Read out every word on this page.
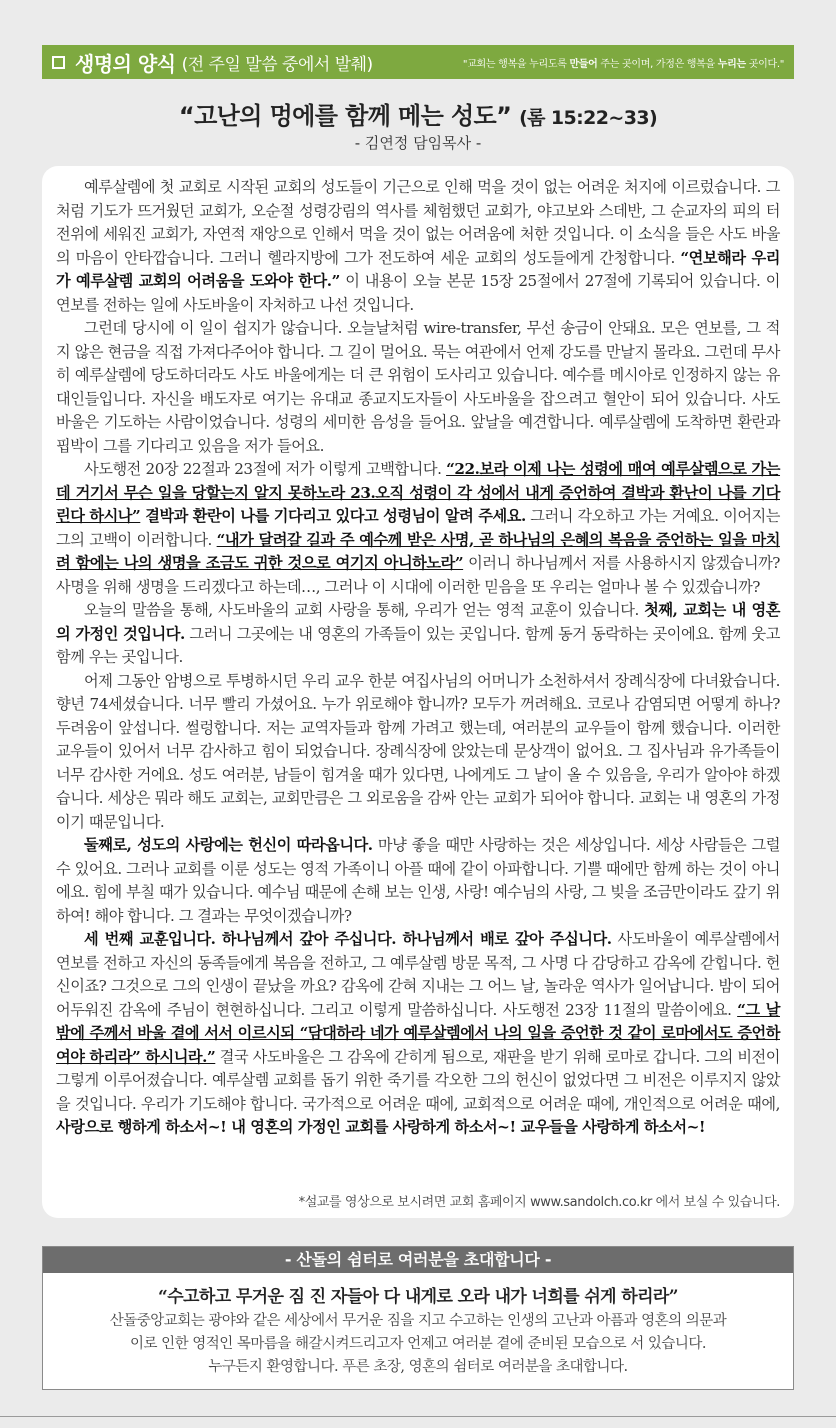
생명의 양식 (전 주일 말씀 중에서 발췌)	"교회는 행복을 누리도록 만들어 주는 곳이며, 가정은 행복을 누리는 곳이다."
“고난의 멍에를 함께 메는 성도” (롬 15:22~33)
- 김연정 담임목사 -

예루살렘에 첫 교회로 시작된 교회의 성도들이 기근으로 인해 먹을 것이 없는 어려운 처지에 이르렀습니다. 그처럼 기도가 뜨거웠던 교회가, 오순절 성령강림의 역사를 체험했던 교회가, 야고보와 스데반, 그 순교자의 피의 터전위에 세워진 교회가, 자연적 재앙으로 인해서 먹을 것이 없는 어려움에 처한 것입니다. 이 소식을 들은 사도 바울의 마음이 안타깝습니다. 그러니 헬라지방에 그가 전도하여 세운 교회의 성도들에게 간청합니다. “연보해라 우리가 예루살렘 교회의 어려움을 도와야 한다.” 이 내용이 오늘 본문 15장 25절에서 27절에 기록되어 있습니다. 이 연보를 전하는 일에 사도바울이 자처하고 나선 것입니다.

그런데 당시에 이 일이 쉽지가 않습니다. 오늘날처럼 wire-transfer, 무선 송금이 안돼요. 모은 연보를, 그 적지 않은 현금을 직접 가져다주어야 합니다. 그 길이 멀어요. 묵는 여관에서 언제 강도를 만날지 몰라요. 그런데 무사히 예루살렘에 당도하더라도 사도 바울에게는 더 큰 위험이 도사리고 있습니다. 예수를 메시아로 인정하지 않는 유대인들입니다. 자신을 배도자로 여기는 유대교 종교지도자들이 사도바울을 잡으려고 혈안이 되어 있습니다. 사도바울은 기도하는 사람이었습니다. 성령의 세미한 음성을 들어요. 앞날을 예견합니다. 예루살렘에 도착하면 환란과 핍박이 그를 기다리고 있음을 저가 들어요.

사도행전 20장 22절과 23절에 저가 이렇게 고백합니다. “22.보라 이제 나는 성령에 매여 예루살렘으로 가는데 거기서 무슨 일을 당할는지 알지 못하노라 23.오직 성령이 각 성에서 내게 증언하여 결박과 환난이 나를 기다린다 하시나” 결박과 환란이 나를 기다리고 있다고 성령님이 알려 주세요. 그러니 각오하고 가는 거예요. 이어지는 그의 고백이 이러합니다. “내가 달려갈 길과 주 예수께 받은 사명, 곧 하나님의 은혜의 복음을 증언하는 일을 마치려 함에는 나의 생명을 조금도 귀한 것으로 여기지 아니하노라” 이러니 하나님께서 저를 사용하시지 않겠습니까? 사명을 위해 생명을 드리겠다고 하는데…, 그러나 이 시대에 이러한 믿음을 또 우리는 얼마나 볼 수 있겠습니까?

오늘의 말씀을 통해, 사도바울의 교회 사랑을 통해, 우리가 얻는 영적 교훈이 있습니다. 첫째, 교회는 내 영혼의 가정인 것입니다. 그러니 그곳에는 내 영혼의 가족들이 있는 곳입니다. 함께 동거 동락하는 곳이에요. 함께 웃고 함께 우는 곳입니다.

어제 그동안 암병으로 투병하시던 우리 교우 한분 여집사님의 어머니가 소천하셔서 장례식장에 다녀왔습니다. 향년 74세셨습니다. 너무 빨리 가셨어요. 누가 위로해야 합니까? 모두가 꺼려해요. 코로나 감염되면 어떻게 하나? 두려움이 앞섭니다. 썰렁합니다. 저는 교역자들과 함께 가려고 했는데, 여러분의 교우들이 함께 했습니다. 이러한 교우들이 있어서 너무 감사하고 힘이 되었습니다. 장례식장에 앉았는데 문상객이 없어요. 그 집사님과 유가족들이 너무 감사한 거에요. 성도 여러분, 남들이 힘겨울 때가 있다면, 나에게도 그 날이 올 수 있음을, 우리가 알아야 하겠습니다. 세상은 뭐라 해도 교회는, 교회만큼은 그 외로움을 감싸 안는 교회가 되어야 합니다. 교회는 내 영혼의 가정이기 때문입니다.

둘째로, 성도의 사랑에는 헌신이 따라옵니다. 마냥 좋을 때만 사랑하는 것은 세상입니다. 세상 사람들은 그럴 수 있어요. 그러나 교회를 이룬 성도는 영적 가족이니 아플 때에 같이 아파합니다. 기쁠 때에만 함께 하는 것이 아니에요. 힘에 부칠 때가 있습니다. 예수님 때문에 손해 보는 인생, 사랑! 예수님의 사랑, 그 빚을 조금만이라도 갚기 위하여! 해야 합니다. 그 결과는 무엇이겠습니까?

세 번째 교훈입니다. 하나님께서 갚아 주십니다. 하나님께서 배로 갚아 주십니다. 사도바울이 예루살렘에서 연보를 전하고 자신의 동족들에게 복음을 전하고, 그 예루살렘 방문 목적, 그 사명 다 감당하고 감옥에 갇힙니다. 헌신이죠? 그것으로 그의 인생이 끝났을 까요? 감옥에 갇혀 지내는 그 어느 날, 놀라운 역사가 일어납니다. 밤이 되어 어두워진 감옥에 주님이 현현하십니다. 그리고 이렇게 말씀하십니다. 사도행전 23장 11절의 말씀이에요. “그 날 밤에 주께서 바울 곁에 서서 이르시되 “담대하라 네가 예루살렘에서 나의 일을 증언한 것 같이 로마에서도 증언하여야 하리라” 하시니라.” 결국 사도바울은 그 감옥에 갇히게 됨으로, 재판을 받기 위해 로마로 갑니다. 그의 비전이 그렇게 이루어졌습니다. 예루살렘 교회를 돕기 위한 죽기를 각오한 그의 헌신이 없었다면 그 비전은 이루지지 않았을 것입니다. 우리가 기도해야 합니다. 국가적으로 어려운 때에, 교회적으로 어려운 때에, 개인적으로 어려운 때에, 사랑으로 행하게 하소서~! 내 영혼의 가정인 교회를 사랑하게 하소서~! 교우들을 사랑하게 하소서~!

*설교를 영상으로 보시려면 교회 홈페이지 www.sandolch.co.kr 에서 보실 수 있습니다.
- 산돌의 쉼터로 여러분을 초대합니다 -
“수고하고 무거운 짐 진 자들아 다 내게로 오라 내가 너희를 쉬게 하리라”
산돌중앙교회는 광야와 같은 세상에서 무거운 짐을 지고 수고하는 인생의 고난과 아픔과 영혼의 의문과
이로 인한 영적인 목마름을 해갈시켜드리고자 언제고 여러분 곁에 준비된 모습으로 서 있습니다.
누구든지 환영합니다. 푸른 초장, 영혼의 쉼터로 여러분을 초대합니다.
